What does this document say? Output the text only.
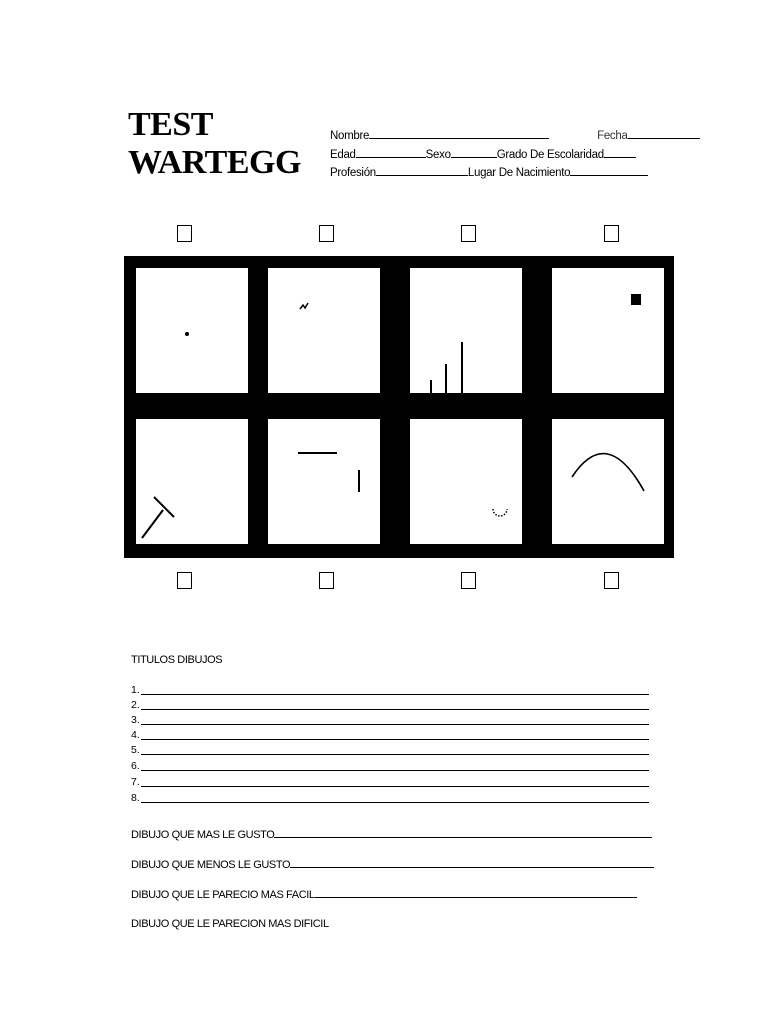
TEST
WARTEGG
Nombre	Fecha
Edad	Sexo	Grado De Escolaridad
Profesión	Lugar De Nacimiento
TITULOS DIBUJOS
1.
2.
3.
4.
5.
6.
7.
8.
DIBUJO QUE MAS LE GUSTO
DIBUJO QUE MENOS LE GUSTO
DIBUJO QUE LE PARECIO MAS FACIL
DIBUJO QUE LE PARECION MAS DIFICIL
